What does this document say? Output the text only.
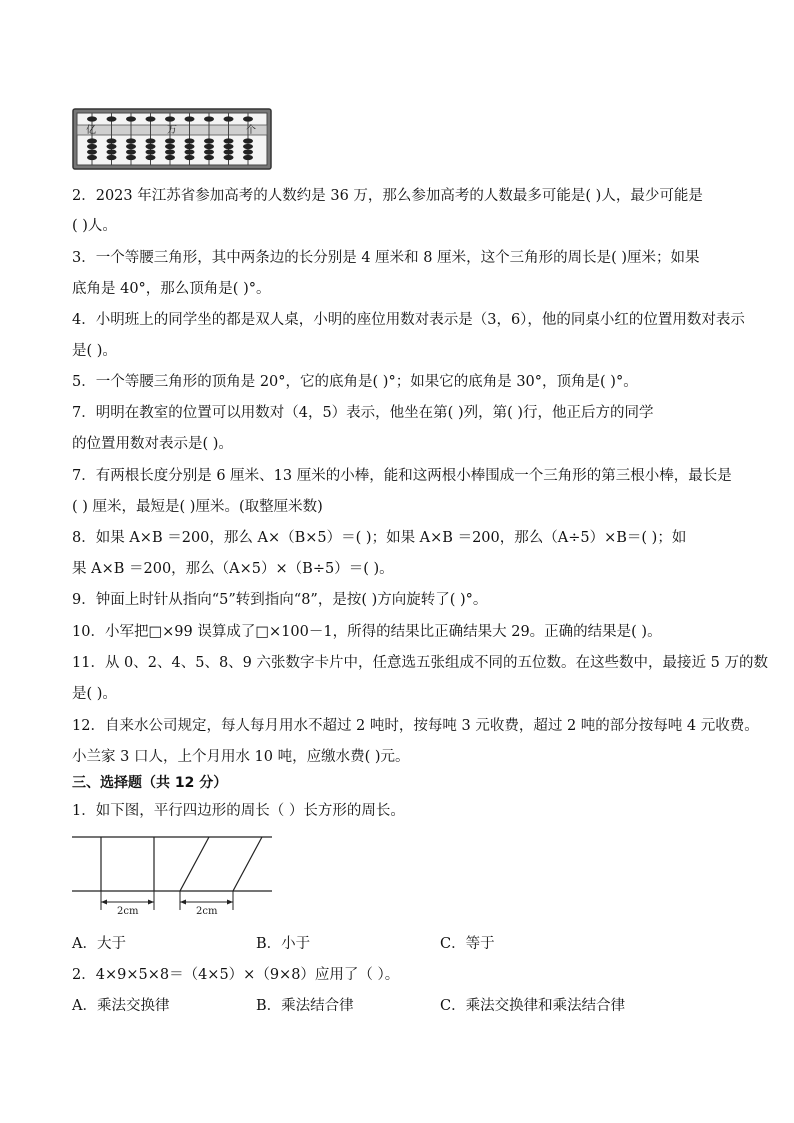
亿	万	个
2．2023 年江苏省参加高考的人数约是 36 万，那么参加高考的人数最多可能是( )人，最少可能是
( )人。
3．一个等腰三角形，其中两条边的长分别是 4 厘米和 8 厘米，这个三角形的周长是( )厘米；如果
底角是 40°，那么顶角是( )°。
4．小明班上的同学坐的都是双人桌，小明的座位用数对表示是（3，6），他的同桌小红的位置用数对表示
是( )。
5．一个等腰三角形的顶角是 20°，它的底角是( )°；如果它的底角是 30°，顶角是( )°。
7．明明在教室的位置可以用数对（4，5）表示，他坐在第( )列，第( )行，他正后方的同学
的位置用数对表示是( )。
7．有两根长度分别是 6 厘米、13 厘米的小棒，能和这两根小棒围成一个三角形的第三根小棒，最长是
( ) 厘米，最短是( )厘米。(取整厘米数)
8．如果 A×B ＝200，那么 A×（B×5）＝( )；如果 A×B ＝200，那么（A÷5）×B＝( )；如
果 A×B ＝200，那么（A×5）×（B÷5）＝( )。
9．钟面上时针从指向“5”转到指向“8”，是按( )方向旋转了( )°。
10．小军把□×99 误算成了□×100－1，所得的结果比正确结果大 29。正确的结果是( )。
11．从 0、2、4、5、8、9 六张数字卡片中，任意选五张组成不同的五位数。在这些数中，最接近 5 万的数
是( )。
12．自来水公司规定，每人每月用水不超过 2 吨时，按每吨 3 元收费，超过 2 吨的部分按每吨 4 元收费。
小兰家 3 口人，上个月用水 10 吨，应缴水费( )元。
三、选择题（共 12 分）
1．如下图，平行四边形的周长（ ）长方形的周长。
2cm	2cm
A．大于	B．小于	C．等于
2．4×9×5×8＝（4×5）×（9×8）应用了（ ）。
A．乘法交换律	B．乘法结合律	C．乘法交换律和乘法结合律
